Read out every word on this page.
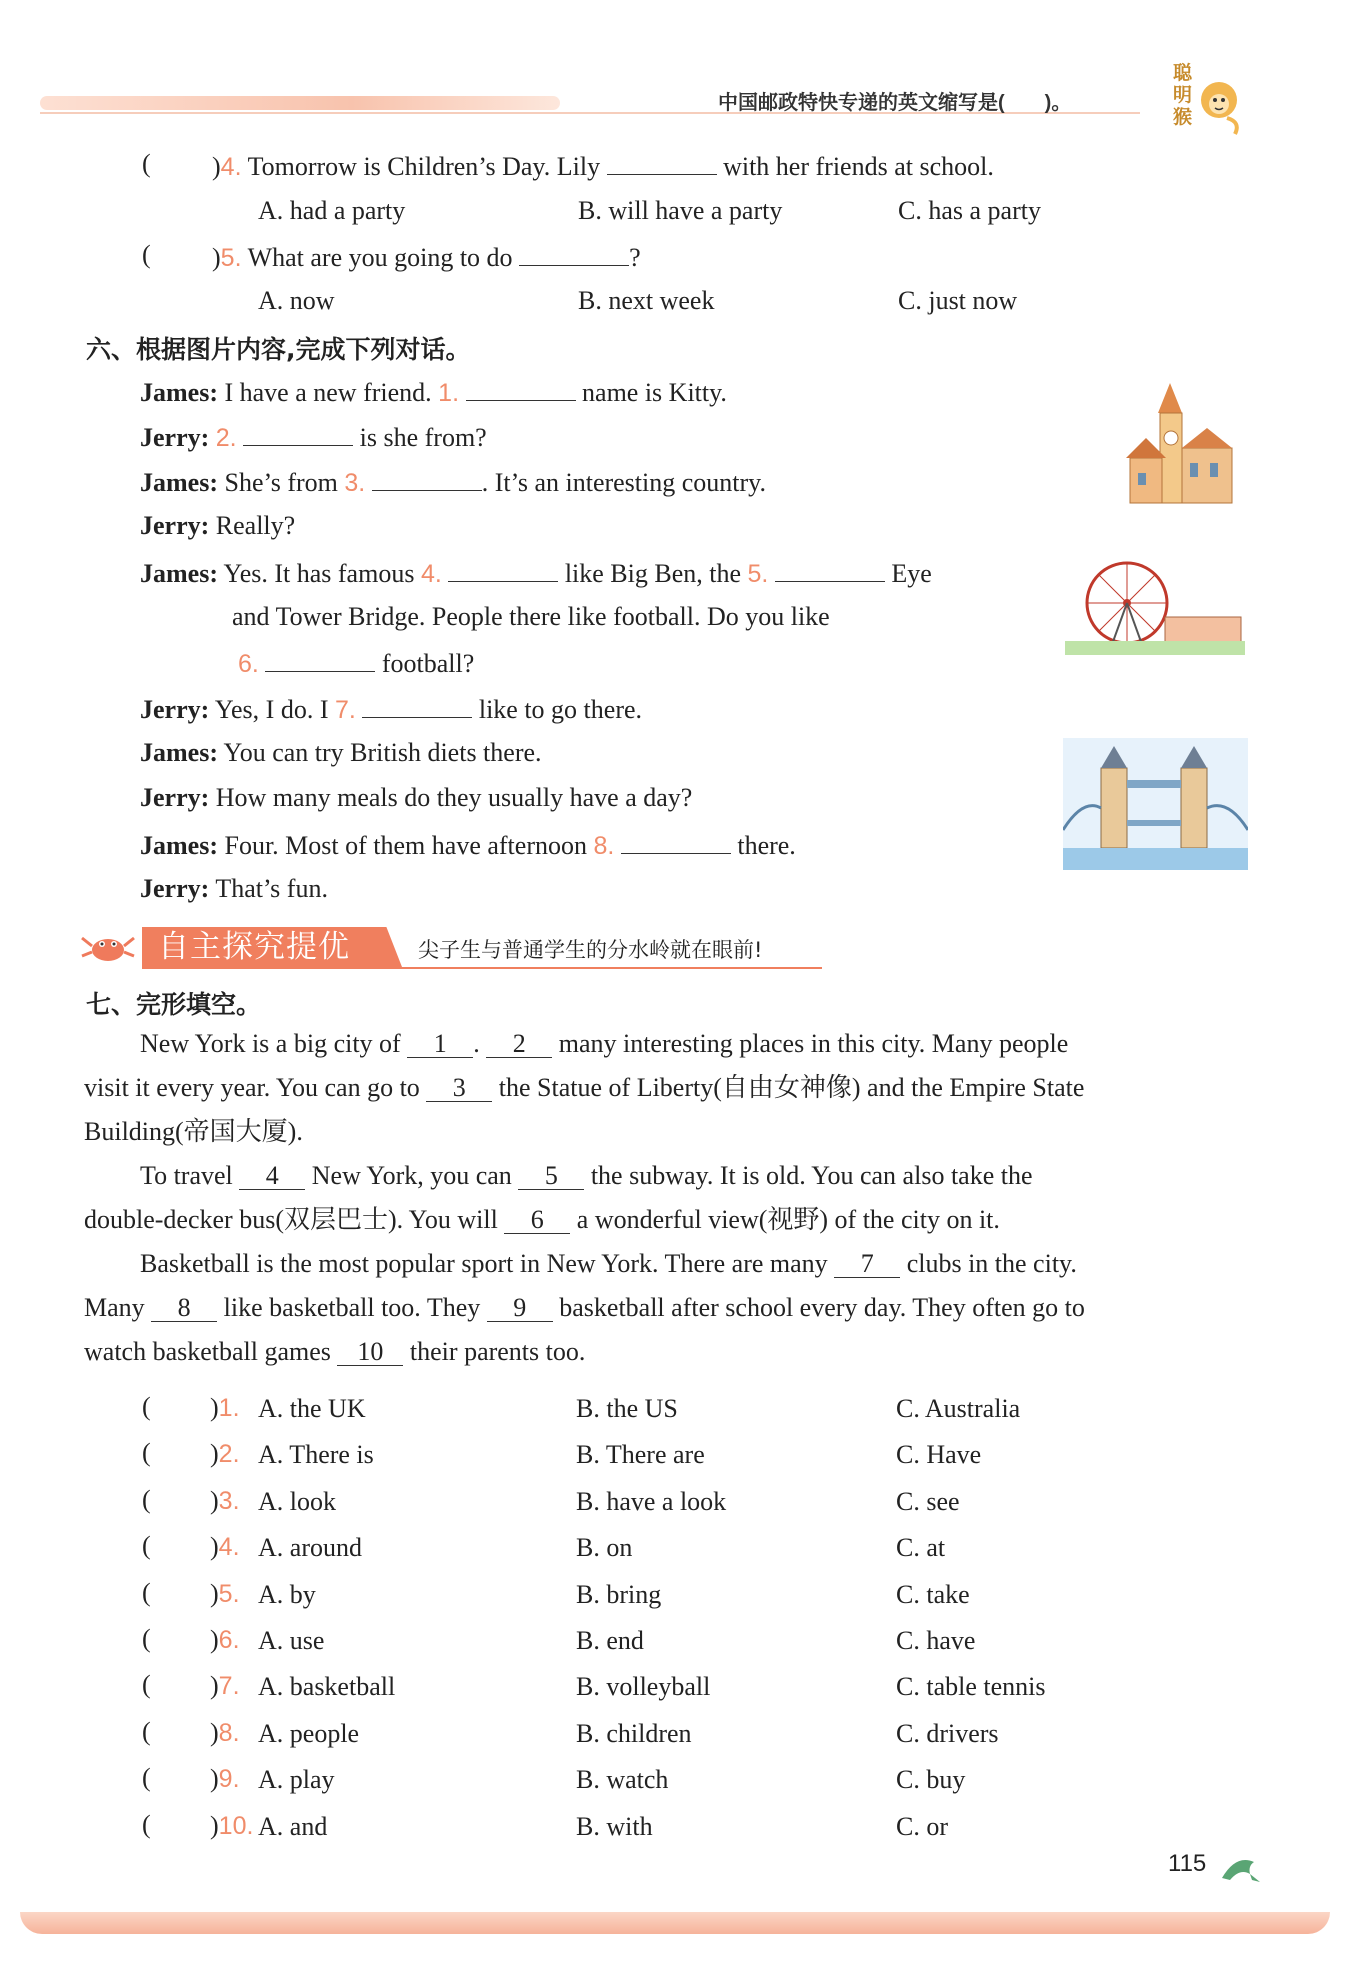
中国邮政特快专递的英文缩写是(　　)。
聪明猴
( )4. Tomorrow is Children’s Day. Lily	with her friends at school.
A. had a party	B. will have a party	C. has a party
( )5. What are you going to do	?
A. now	B. next week	C. just now
六、根据图片内容,完成下列对话。
James: I have a new friend. 1.	name is Kitty.
Jerry: 2.	is she from?
James: She’s from 3.	. It’s an interesting country.
Jerry: Really?
James: Yes. It has famous 4.	like Big Ben, the 5.	Eye
and Tower Bridge. People there like football. Do you like
6.	football?
Jerry: Yes, I do. I 7.	like to go there.
James: You can try British diets there.
Jerry: How many meals do they usually have a day?
James: Four. Most of them have afternoon 8.	there.
Jerry: That’s fun.
自主探究提优	尖子生与普通学生的分水岭就在眼前!
七、完形填空。
New York is a big city of 1 . 2 many interesting places in this city. Many people
visit it every year. You can go to 3 the Statue of Liberty(自由女神像) and the Empire State
Building(帝国大厦).
To travel 4 New York, you can 5 the subway. It is old. You can also take the
double-decker bus(双层巴士). You will 6 a wonderful view(视野) of the city on it.
Basketball is the most popular sport in New York. There are many 7 clubs in the city.
Many 8 like basketball too. They 9 basketball after school every day. They often go to
watch basketball games 10 their parents too.
( )1. A. the UK	B. the US	C. Australia
( )2. A. There is	B. There are	C. Have
( )3. A. look	B. have a look	C. see
( )4. A. around	B. on	C. at
( )5. A. by	B. bring	C. take
( )6. A. use	B. end	C. have
( )7. A. basketball	B. volleyball	C. table tennis
( )8. A. people	B. children	C. drivers
( )9. A. play	B. watch	C. buy
( )10. A. and	B. with	C. or
115
